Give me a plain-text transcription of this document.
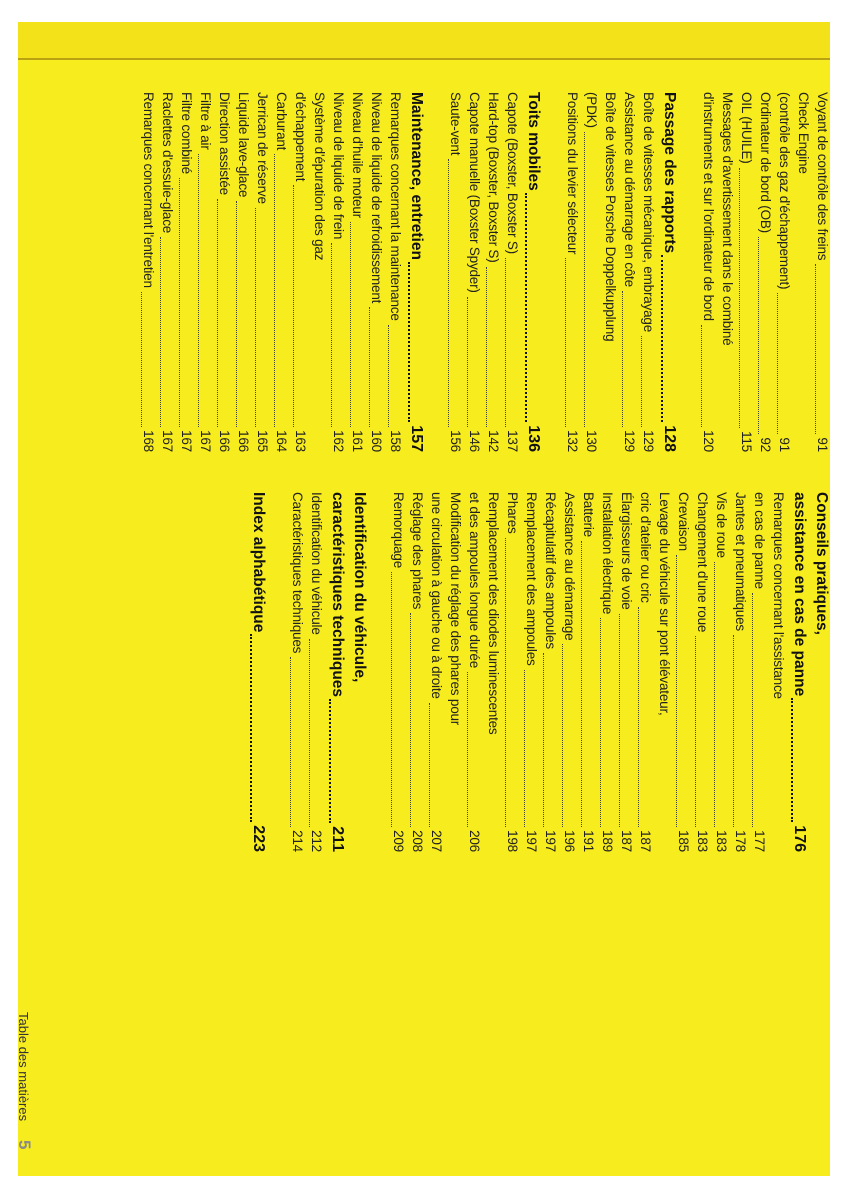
Voyant de contrôle des freins
91
Check Engine
(contrôle des gaz d'échappement)
91
Ordinateur de bord (OB)
92
OIL (HUILE)
115
Messages d'avertissement dans le combiné
d'instruments et sur l'ordinateur de bord
120
Passage des rapports
128
Boîte de vitesses mécanique, embrayage
129
Assistance au démarrage en côte
129
Boîte de vitesses Porsche Doppelkupplung
(PDK)
130
Positions du levier sélecteur
132
Toits mobiles
136
Capote (Boxster, Boxster S)
137
Hard-top (Boxster, Boxster S)
142
Capote manuelle (Boxster Spyder)
146
Saute-vent
156
Maintenance, entretien
157
Remarques concernant la maintenance
158
Niveau de liquide de refroidissement
160
Niveau d'huile moteur
161
Niveau de liquide de frein
162
Système d'épuration des gaz
d'échappement
163
Carburant
164
Jerrican de réserve
165
Liquide lave-glace
166
Direction assistée
166
Filtre à air
167
Filtre combiné
167
Raclettes d'essuie-glace
167
Remarques concernant l'entretien
168
Conseils pratiques,
assistance en cas de panne
176
Remarques concernant l'assistance
en cas de panne
177
Jantes et pneumatiques
178
Vis de roue
183
Changement d'une roue
183
Crevaison
185
Levage du véhicule sur pont élévateur,
cric d'atelier ou cric
187
Élargisseurs de voie
187
Installation électrique
189
Batterie
191
Assistance au démarrage
196
Récapitulatif des ampoules
197
Remplacement des ampoules
197
Phares
198
Remplacement des diodes luminescentes
et des ampoules longue durée
206
Modification du réglage des phares pour
une circulation à gauche ou à droite
207
Réglage des phares
208
Remorquage
209
Identification du véhicule,
caractéristiques techniques
211
Identification du véhicule
212
Caractéristiques techniques
214
Index alphabétique
223
Table des matières
5
